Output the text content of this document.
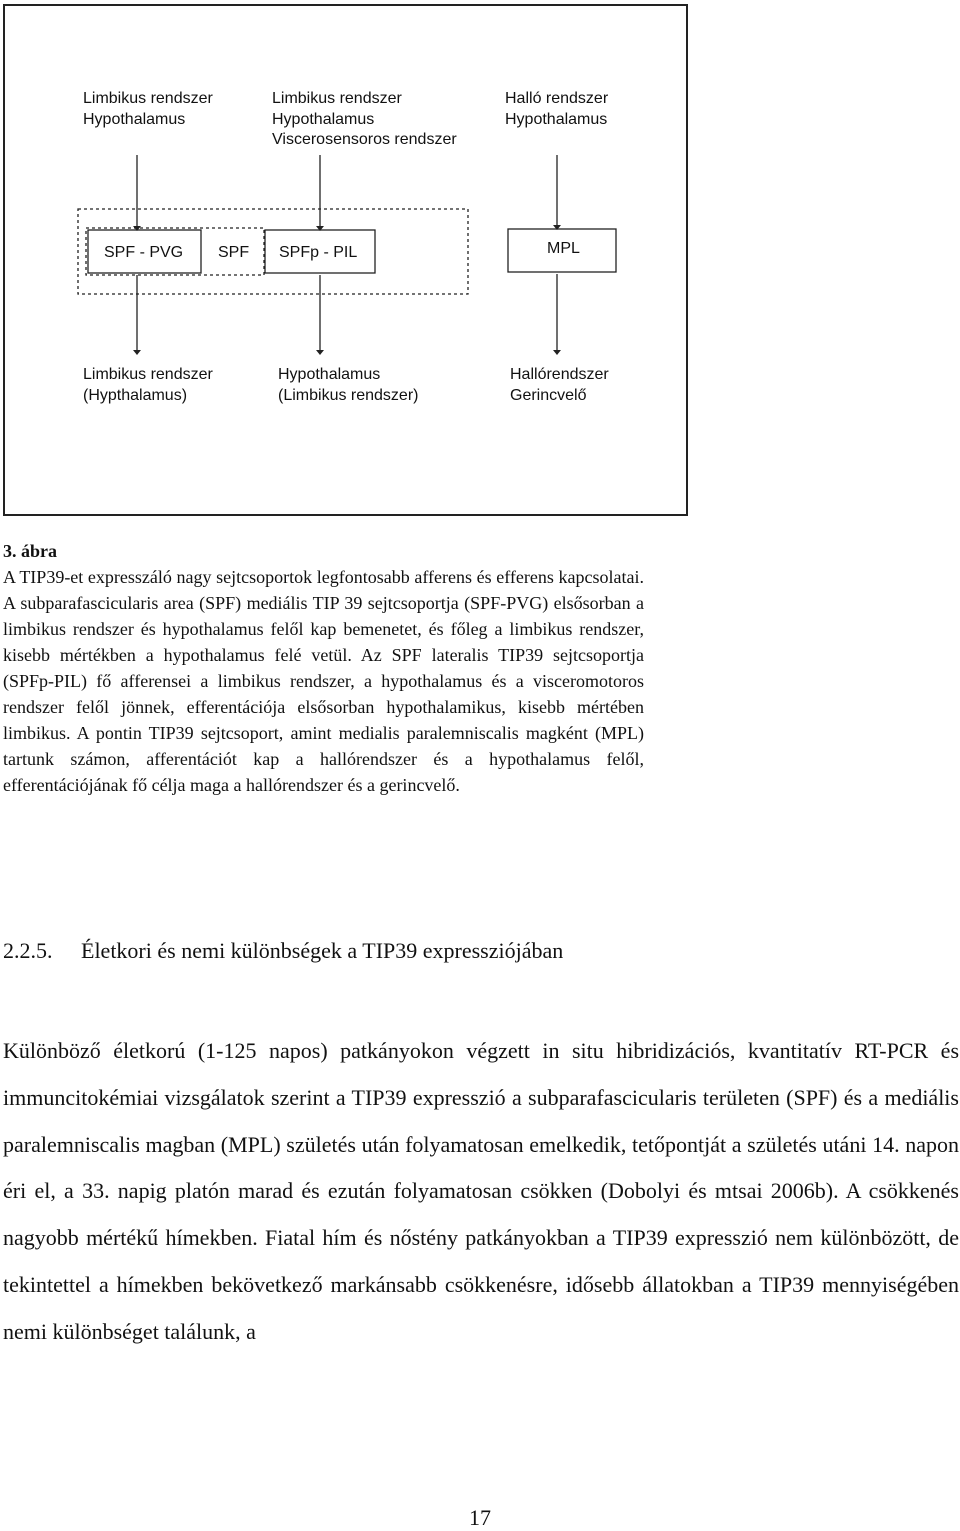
Limbikus rendszer
Hypothalamus
Limbikus rendszer
Hypothalamus
Viscerosensoros rendszer
Halló rendszer
Hypothalamus
SPF - PVG SPF SPFp - PIL	MPL
Limbikus rendszer
(Hypthalamus)
Hypothalamus
(Limbikus rendszer)
Hallórendszer
Gerincvelő
3. ábra
A TIP39-et expresszáló nagy sejtcsoportok legfontosabb afferens és efferens kapcsolatai. A subparafascicularis area (SPF) mediális TIP 39 sejtcsoportja (SPF-PVG) elsősorban a limbikus rendszer és hypothalamus felől kap bemenetet, és főleg a limbikus rendszer, kisebb mértékben a hypothalamus felé vetül. Az SPF lateralis TIP39 sejtcsoportja (SPFp-PIL) fő afferensei a limbikus rendszer, a hypothalamus és a visceromotoros rendszer felől jönnek, efferentációja elsősorban hypothalamikus, kisebb mértében limbikus. A pontin TIP39 sejtcsoport, amint medialis paralemniscalis magként (MPL) tartunk számon, afferentációt kap a hallórendszer és a hypothalamus felől, efferentációjának fő célja maga a hallórendszer és a gerincvelő.
2.2.5. Életkori és nemi különbségek a TIP39 expressziójában
Különböző életkorú (1-125 napos) patkányokon végzett in situ hibridizációs, kvantitatív RT-PCR és immuncitokémiai vizsgálatok szerint a TIP39 expresszió a subparafascicularis területen (SPF) és a mediális paralemniscalis magban (MPL) születés után folyamatosan emelkedik, tetőpontját a születés utáni 14. napon éri el, a 33. napig platón marad és ezután folyamatosan csökken (Dobolyi és mtsai 2006b). A csökkenés nagyobb mértékű hímekben. Fiatal hím és nőstény patkányokban a TIP39 expresszió nem különbözött, de tekintettel a hímekben bekövetkező markánsabb csökkenésre, idősebb állatokban a TIP39 mennyiségében nemi különbséget találunk, a
17
